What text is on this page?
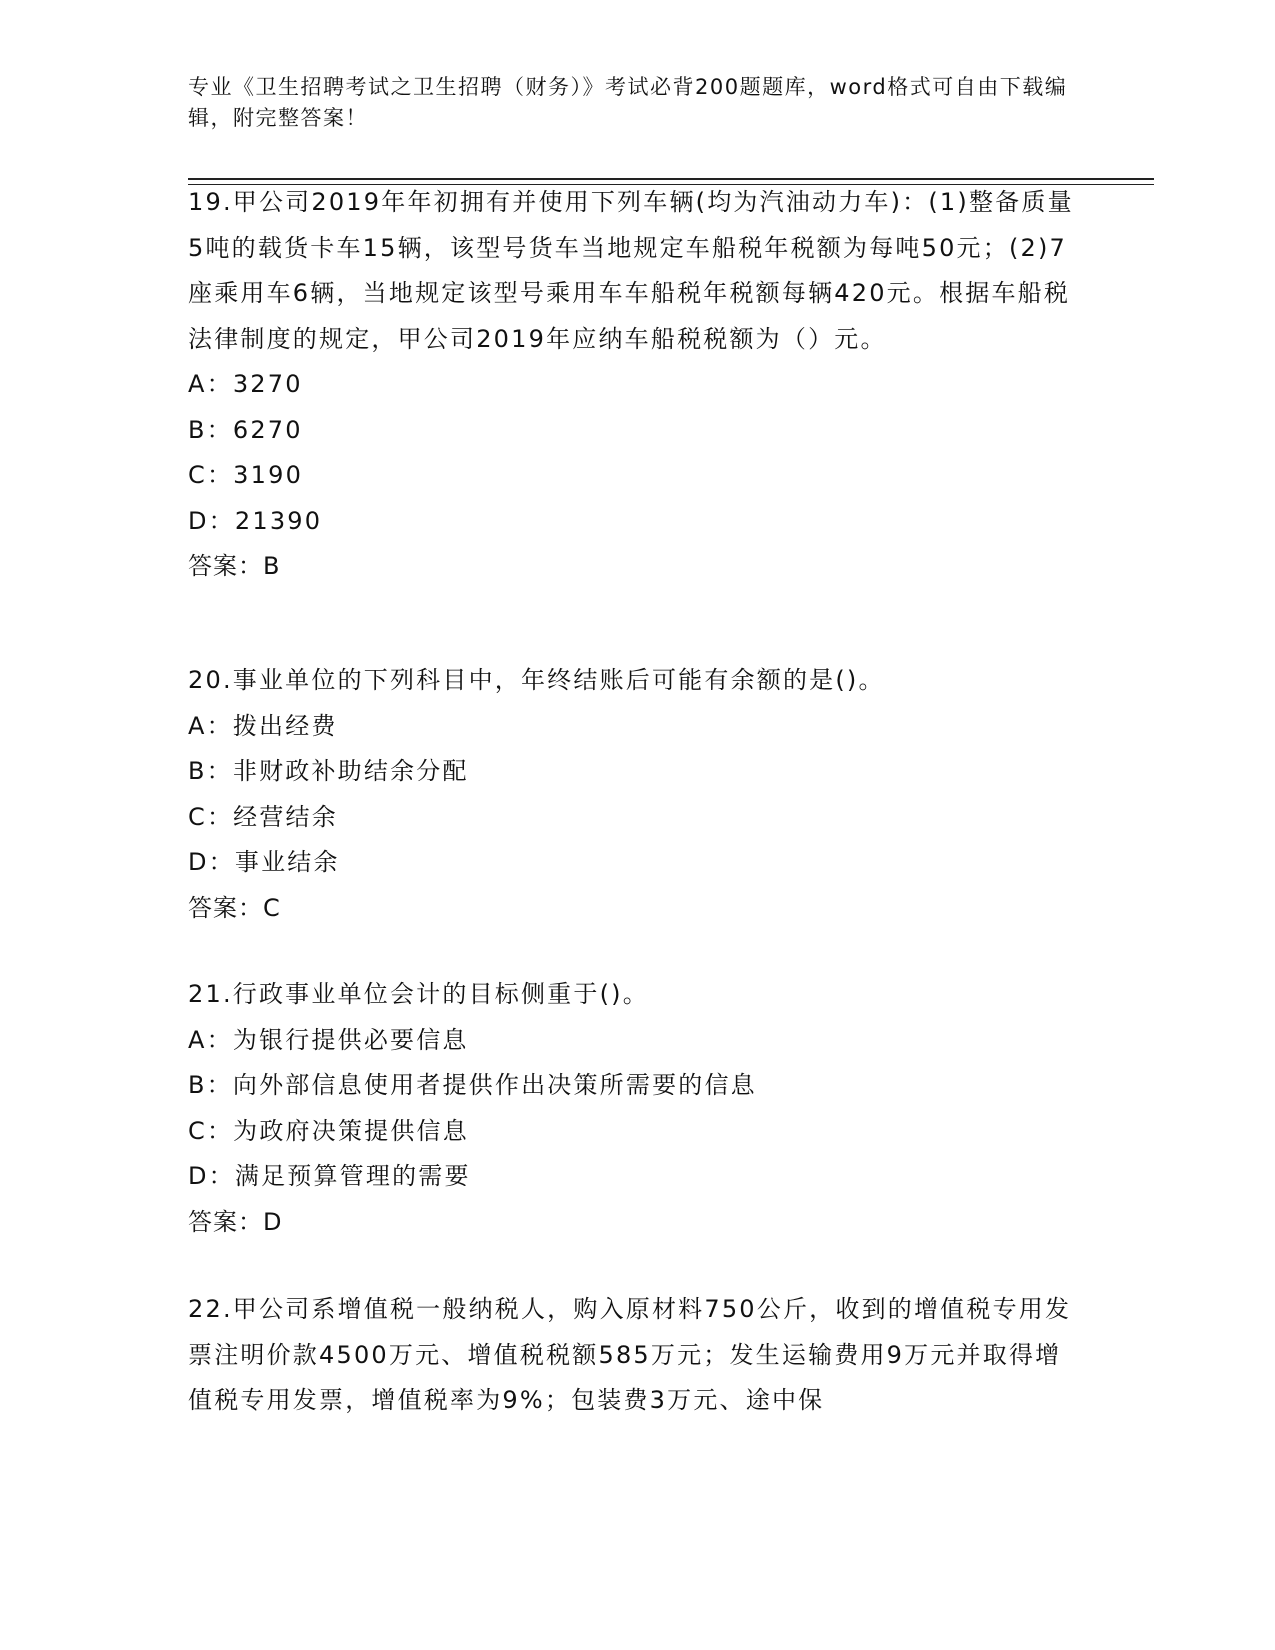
专业《卫生招聘考试之卫生招聘（财务）》考试必背200题题库，word格式可自由下载编辑，附完整答案！

19.甲公司2019年年初拥有并使用下列车辆(均为汽油动力车)：(1)整备质量5吨的载货卡车15辆，该型号货车当地规定车船税年税额为每吨50元；(2)7座乘用车6辆，当地规定该型号乘用车车船税年税额每辆420元。根据车船税法律制度的规定，甲公司2019年应纳车船税税额为（）元。

A：3270

B：6270

C：3190

D：21390

答案：B

20.事业单位的下列科目中，年终结账后可能有余额的是()。

A：拨出经费

B：非财政补助结余分配

C：经营结余

D：事业结余

答案：C

21.行政事业单位会计的目标侧重于()。

A：为银行提供必要信息

B：向外部信息使用者提供作出决策所需要的信息

C：为政府决策提供信息

D：满足预算管理的需要

答案：D

22.甲公司系增值税一般纳税人，购入原材料750公斤，收到的增值税专用发票注明价款4500万元、增值税税额585万元；发生运输费用9万元并取得增值税专用发票，增值税率为9%；包装费3万元、途中保
